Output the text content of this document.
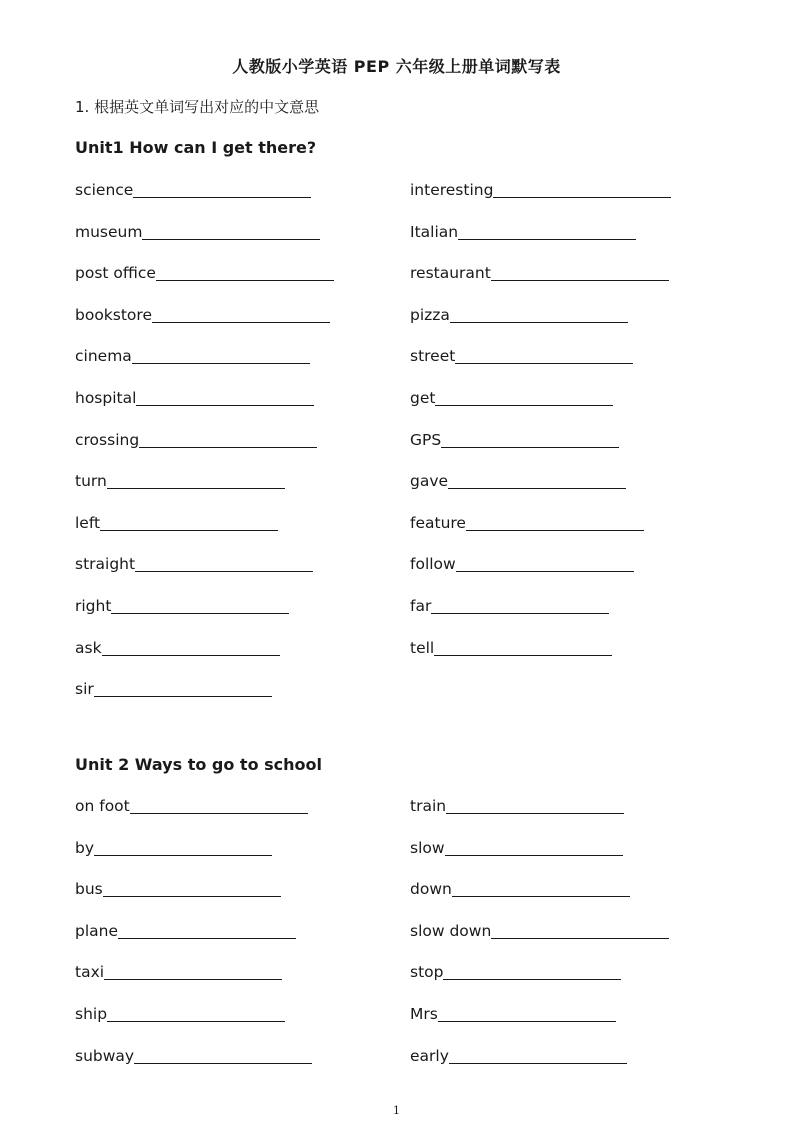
人教版小学英语 PEP 六年级上册单词默写表
1. 根据英文单词写出对应的中文意思
Unit1 How can I get there?
Unit 2 Ways to go to school
science	interesting
museum	Italian
post office	restaurant
bookstore	pizza
cinema	street
hospital	get
crossing	GPS
turn	gave
left	feature
straight	follow
right	far
ask	tell
sir
on foot	train
by	slow
bus	down
plane	slow down
taxi	stop
ship	Mrs
subway	early
1
